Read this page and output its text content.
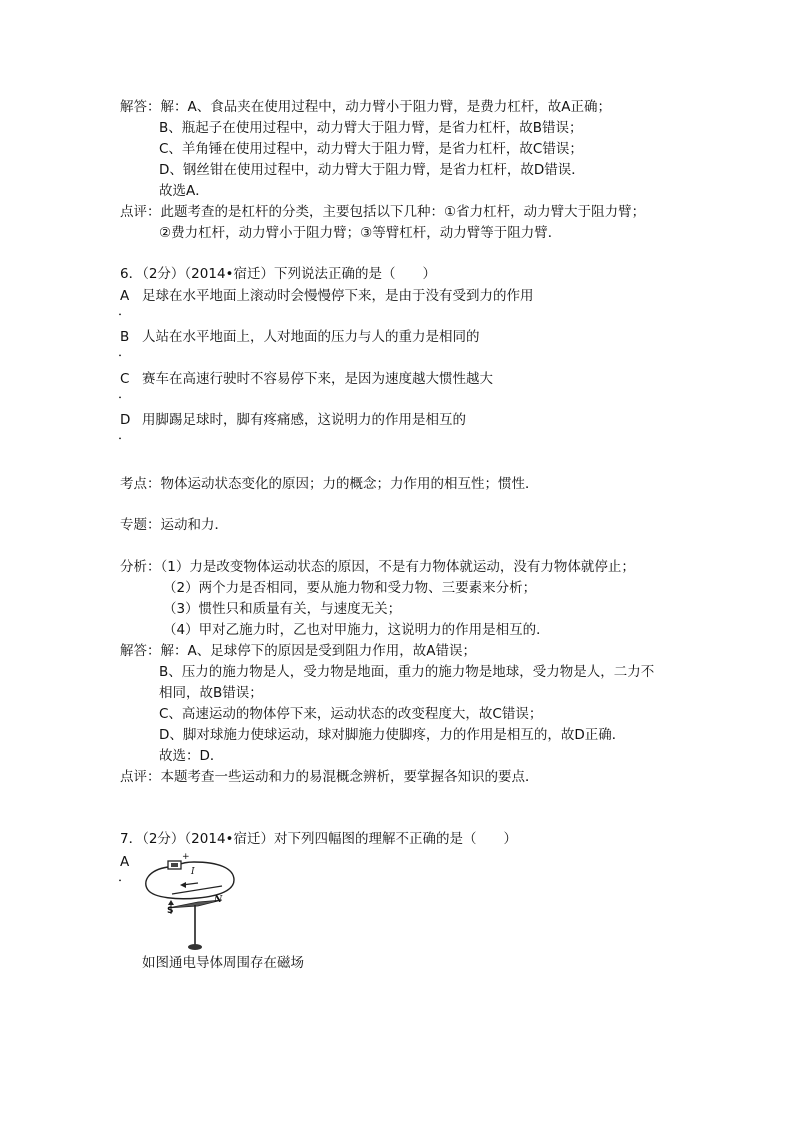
解答：解：A、食品夹在使用过程中，动力臂小于阻力臂，是费力杠杆，故A正确；
B、瓶起子在使用过程中，动力臂大于阻力臂，是省力杠杆，故B错误；
C、羊角锤在使用过程中，动力臂大于阻力臂，是省力杠杆，故C错误；
D、钢丝钳在使用过程中，动力臂大于阻力臂，是省力杠杆，故D错误．
故选A．
点评：此题考查的是杠杆的分类，主要包括以下几种：①省力杠杆，动力臂大于阻力臂；
②费力杠杆，动力臂小于阻力臂；③等臂杠杆，动力臂等于阻力臂．
6．（2分）（2014•宿迁）下列说法正确的是（　　）
A 足球在水平地面上滚动时会慢慢停下来，是由于没有受到力的作用
．
B 人站在水平地面上，人对地面的压力与人的重力是相同的
．
C 赛车在高速行驶时不容易停下来，是因为速度越大惯性越大
．
D 用脚踢足球时，脚有疼痛感，这说明力的作用是相互的
．
考点：物体运动状态变化的原因；力的概念；力作用的相互性；惯性．
专题：运动和力．
分析：（1）力是改变物体运动状态的原因，不是有力物体就运动，没有力物体就停止；
（2）两个力是否相同，要从施力物和受力物、三要素来分析；
（3）惯性只和质量有关，与速度无关；
（4）甲对乙施力时，乙也对甲施力，这说明力的作用是相互的．
解答：解：A、足球停下的原因是受到阻力作用，故A错误；
B、压力的施力物是人，受力物是地面，重力的施力物是地球，受力物是人，二力不
相同，故B错误；
C、高速运动的物体停下来，运动状态的改变程度大，故C错误；
D、脚对球施力使球运动，球对脚施力使脚疼，力的作用是相互的，故D正确．
故选：D．
点评：本题考查一些运动和力的易混概念辨析，要掌握各知识的要点．
7．（2分）（2014•宿迁）对下列四幅图的理解不正确的是（　　）
A
．
+
I
S
N
如图通电导体周围存在磁场
